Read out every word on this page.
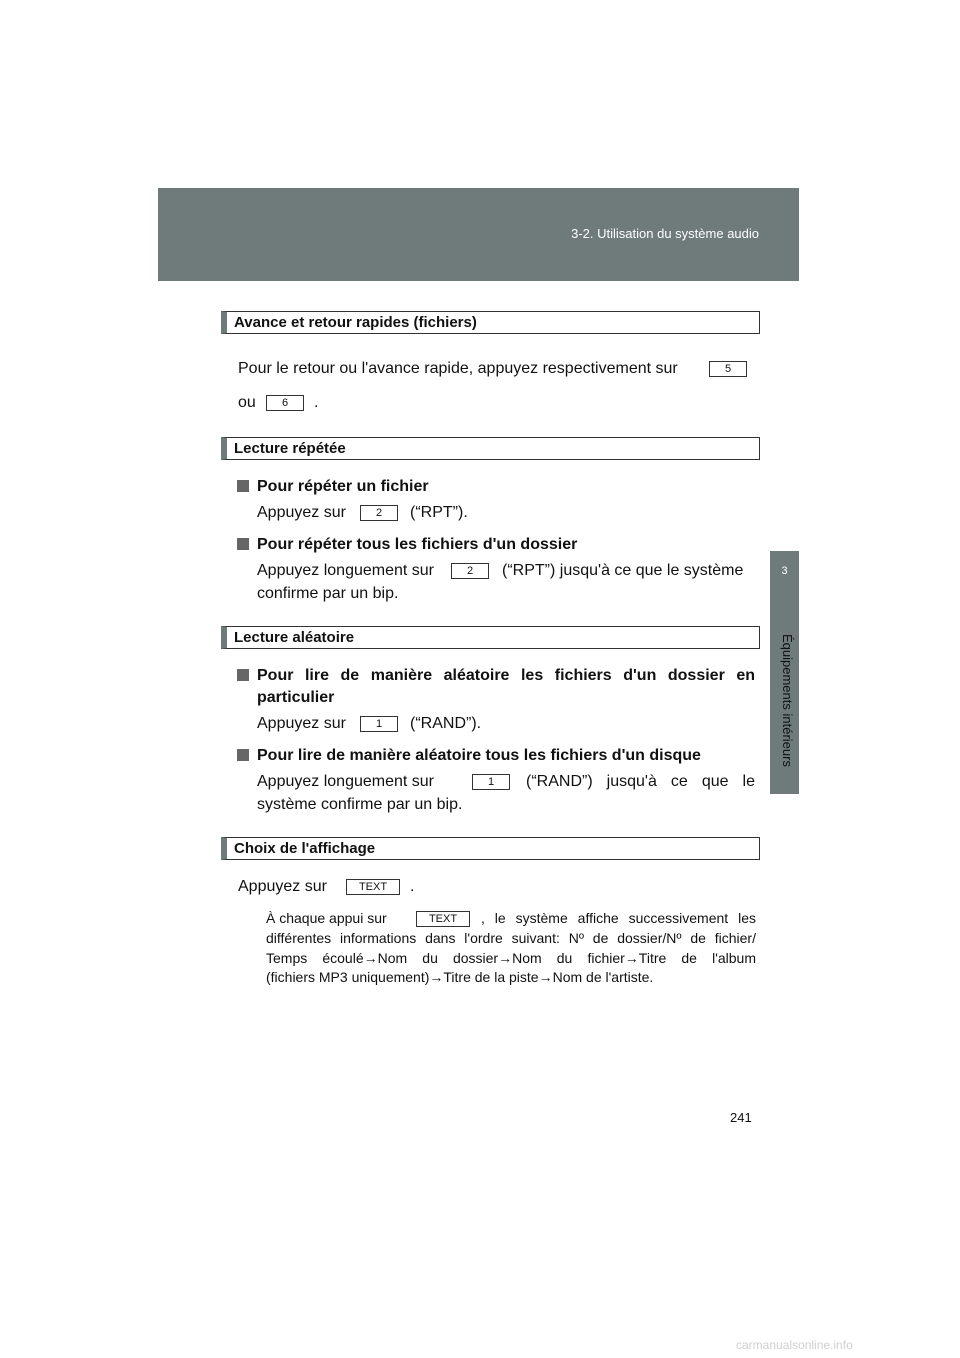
3-2. Utilisation du système audio
3
Équipements intérieurs
Avance et retour rapides (fichiers)
Pour le retour ou l'avance rapide, appuyez respectivement sur	5
ou	6	.
Lecture répétée
Pour répéter un fichier
Appuyez sur	2	(“RPT”).
Pour répéter tous les fichiers d'un dossier
Appuyez longuement sur	2	(“RPT”) jusqu'à ce que le système
confirme par un bip.
Lecture aléatoire
Pour lire de manière aléatoire les fichiers d'un dossier en
particulier
Appuyez sur	1	(“RAND”).
Pour lire de manière aléatoire tous les fichiers d'un disque
Appuyez longuement sur	1	(“RAND”) jusqu'à ce que le
système confirme par un bip.
Choix de l'affichage
Appuyez sur	TEXT	.
À chaque appui sur	TEXT	, le système affiche successivement les
différentes informations dans l'ordre suivant: Nº de dossier/Nº de fichier/
Temps écoulé→Nom du dossier→Nom du fichier→Titre de l'album
(fichiers MP3 uniquement)→Titre de la piste→Nom de l'artiste.
241
carmanualsonline.info
